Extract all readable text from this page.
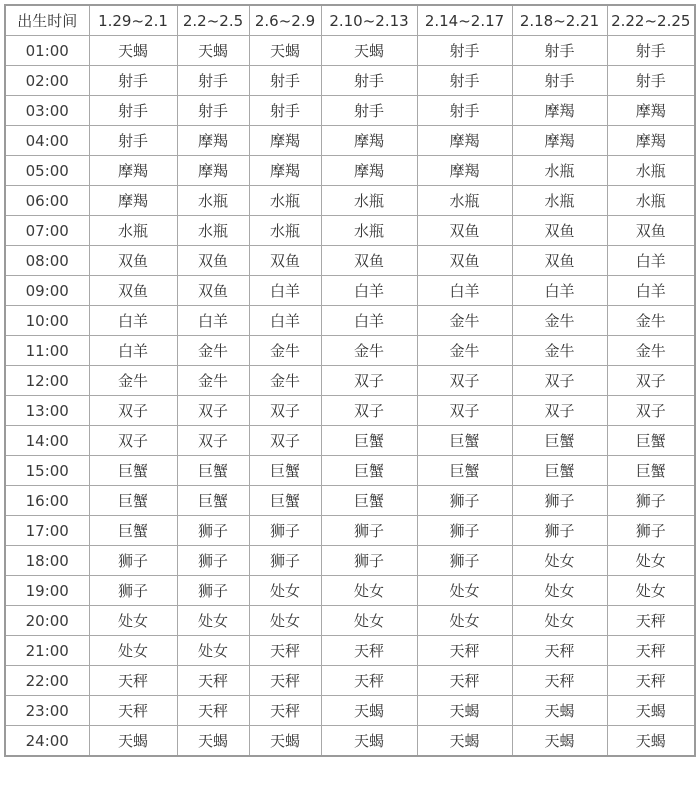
出生时间	1.29~2.1	2.2~2.5	2.6~2.9	2.10~2.13	2.14~2.17	2.18~2.21	2.22~2.25
01:00	天蝎	天蝎	天蝎	天蝎	射手	射手	射手
02:00	射手	射手	射手	射手	射手	射手	射手
03:00	射手	射手	射手	射手	射手	摩羯	摩羯
04:00	射手	摩羯	摩羯	摩羯	摩羯	摩羯	摩羯
05:00	摩羯	摩羯	摩羯	摩羯	摩羯	水瓶	水瓶
06:00	摩羯	水瓶	水瓶	水瓶	水瓶	水瓶	水瓶
07:00	水瓶	水瓶	水瓶	水瓶	双鱼	双鱼	双鱼
08:00	双鱼	双鱼	双鱼	双鱼	双鱼	双鱼	白羊
09:00	双鱼	双鱼	白羊	白羊	白羊	白羊	白羊
10:00	白羊	白羊	白羊	白羊	金牛	金牛	金牛
11:00	白羊	金牛	金牛	金牛	金牛	金牛	金牛
12:00	金牛	金牛	金牛	双子	双子	双子	双子
13:00	双子	双子	双子	双子	双子	双子	双子
14:00	双子	双子	双子	巨蟹	巨蟹	巨蟹	巨蟹
15:00	巨蟹	巨蟹	巨蟹	巨蟹	巨蟹	巨蟹	巨蟹
16:00	巨蟹	巨蟹	巨蟹	巨蟹	狮子	狮子	狮子
17:00	巨蟹	狮子	狮子	狮子	狮子	狮子	狮子
18:00	狮子	狮子	狮子	狮子	狮子	处女	处女
19:00	狮子	狮子	处女	处女	处女	处女	处女
20:00	处女	处女	处女	处女	处女	处女	天秤
21:00	处女	处女	天秤	天秤	天秤	天秤	天秤
22:00	天秤	天秤	天秤	天秤	天秤	天秤	天秤
23:00	天秤	天秤	天秤	天蝎	天蝎	天蝎	天蝎
24:00	天蝎	天蝎	天蝎	天蝎	天蝎	天蝎	天蝎
